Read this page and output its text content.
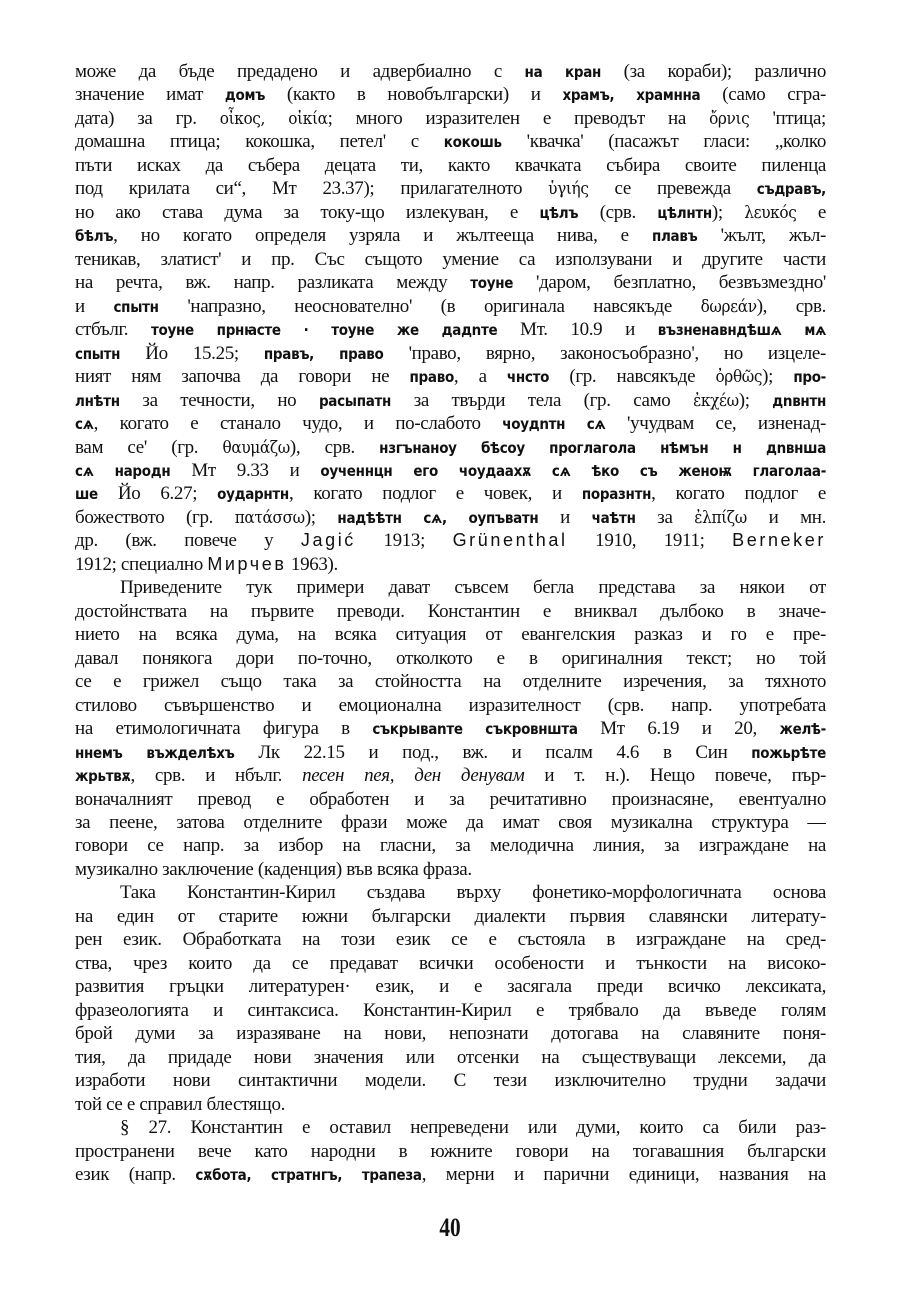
може да бъде предадено и адвербиално с на кран (за кораби); различно
значение имат домъ (както в новобългарски) и храмъ, храмнна (само сгра-
дата) за гр. οἶκος, οἰκία; много изразителен е преводът на ὄρνις 'птица;
домашна птица; кокошка, петел' с кокошь 'квачка' (пасажът гласи: „колко
пъти исках да събера децата ти, както квачката събира своите пиленца
под крилата си“, Мт 23.37); прилагателното ὑγιής се превежда съдравъ,
но ако става дума за току-що излекуван, е цѣлъ (срв. цѣлнтн); λευκός е
бѣлъ, но когато определя узряла и жълтееща нива, е плавъ 'жълт, жъл-
теникав, златист' и пр. Със същото умение са използувани и другите части
на речта, вж. напр. разликата между тоуне 'даром, безплатно, безвъзмездно'
и спытн 'напразно, неоснователно' (в оригинала навсякъде δωρεάν), срв.
стбълг. тоуне прнꙗсте · тоуне же дадnте Мт. 10.9 и възненавндѣшѧ мѧ
спытн Йо 15.25; правъ, право 'право, вярно, законосъобразно', но изцеле-
ният ням започва да говори не право, а чнсто (гр. навсякъде ὀρθῶς); про-
лнѣтн за течности, но расыпатн за твърди тела (гр. само ἐκχέω); дnвнтн
сѧ, когато е станало чудо, и по-слабото чоудnтн сѧ 'учудвам се, изненад-
вам се' (гр. θαυμάζω), срв. нзгънаноу бѣсоу проглагола нѣмън н дnвнша
сѧ народн Мт 9.33 и оученнцн его чоудаахѫ сѧ ѣко съ женоѭ глаголаа-
ше Йо 6.27; оударнтн, когато подлог е човек, и поразнтн, когато подлог е
божеството (гр. πατάσσω); надѣѣтн сѧ, оупъватн и чаѣтн за ἐλπίζω и мн.
др. (вж. повече у Jagić 1913; Grünenthal 1910, 1911; Berneker
1912; специално Мирчев 1963).
Приведените тук примери дават съвсем бегла представа за някои от
достойнствата на първите преводи. Константин е вниквал дълбоко в значе-
нието на всяка дума, на всяка ситуация от евангелския разказ и го е пре-
давал понякога дори по-точно, отколкото е в оригиналния текст; но той
се е грижел също така за стойността на отделните изречения, за тяхното
стилово съвършенство и емоционална изразителност (срв. напр. употребата
на етимологичната фигура в съкрываnте съкровнштa Мт 6.19 и 20, желѣ-
ннемъ въжделѣхъ Лк 22.15 и под., вж. и псалм 4.6 в Син пожьрѣте
жрьтвѫ, срв. и нбълг. песен пея, ден денувам и т. н.). Нещо повече, пър-
воначалният превод е обработен и за речитативно произнасяне, евентуално
за пеене, затова отделните фрази може да имат своя музикална структура —
говори се напр. за избор на гласни, за мелодична линия, за изграждане на
музикално заключение (каденция) във всяка фраза.
Така Константин-Кирил създава върху фонетико-морфологичната основа
на един от старите южни български диалекти първия славянски литерату-
рен език. Обработката на този език се е състояла в изграждане на сред-
ства, чрез които да се предават всички особености и тънкости на високо-
развития гръцки литературен· език, и е засягала преди всичко лексиката,
фразеологията и синтаксиса. Константин-Кирил е трябвало да въведе голям
брой думи за изразяване на нови, непознати дотогава на славяните поня-
тия, да придаде нови значения или отсенки на съществуващи лексеми, да
изработи нови синтактични модели. С тези изключително трудни задачи
той се е справил блестящо.
§ 27. Константин е оставил непреведени или думи, които са били раз-
пространени вече като народни в южните говори на тогавашния български
език (напр. сѫбота, стратнгъ, трапеза, мерни и парични единици, названия на
40
